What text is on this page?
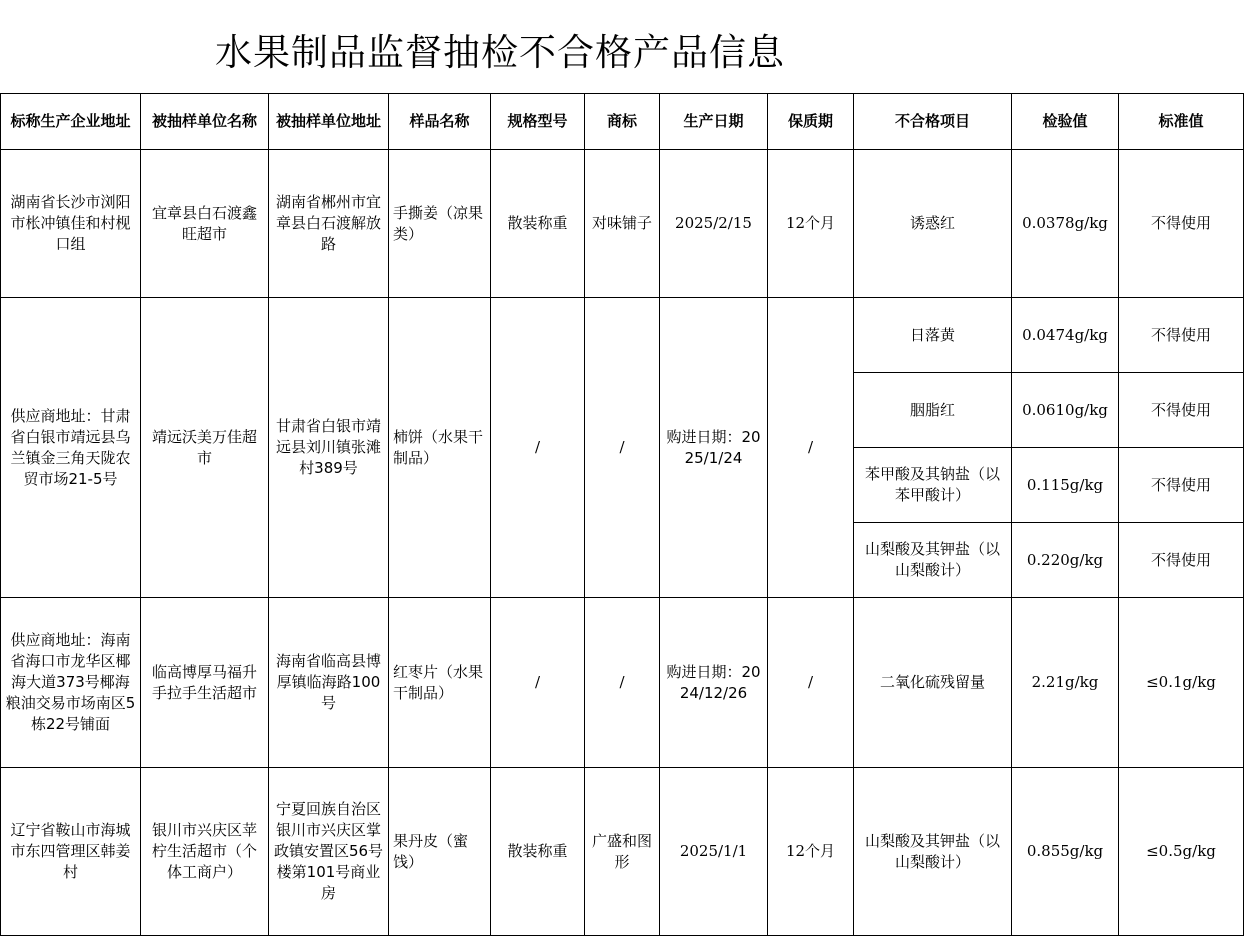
水果制品监督抽检不合格产品信息
标称生产企业地址	被抽样单位名称	被抽样单位地址	样品名称	规格型号	商标	生产日期	保质期	不合格项目	检验值	标准值
湖南省长沙市浏阳市枨冲镇佳和村枧口组	宜章县白石渡鑫旺超市	湖南省郴州市宜章县白石渡解放路	手撕姜（凉果类）	散装称重	对味铺子	2025/2/15	12个月	诱惑红	0.0378g/kg	不得使用
供应商地址：甘肃省白银市靖远县乌兰镇金三角天陇农贸市场21-5号	靖远沃美万佳超市	甘肃省白银市靖远县刘川镇张滩村389号	柿饼（水果干制品）	/	/	购进日期：2025/1/24	/	日落黄	0.0474g/kg	不得使用
								胭脂红	0.0610g/kg	不得使用
								苯甲酸及其钠盐（以苯甲酸计）	0.115g/kg	不得使用
								山梨酸及其钾盐（以山梨酸计）	0.220g/kg	不得使用
供应商地址：海南省海口市龙华区椰海大道373号椰海粮油交易市场南区5栋22号铺面	临高博厚马福升手拉手生活超市	海南省临高县博厚镇临海路100号	红枣片（水果干制品）	/	/	购进日期：2024/12/26	/	二氧化硫残留量	2.21g/kg	≤0.1g/kg
辽宁省鞍山市海城市东四管理区韩姜村	银川市兴庆区苹柠生活超市（个体工商户）	宁夏回族自治区银川市兴庆区掌政镇安置区56号楼第101号商业房	果丹皮（蜜饯）	散装称重	广盛和图形	2025/1/1	12个月	山梨酸及其钾盐（以山梨酸计）	0.855g/kg	≤0.5g/kg
